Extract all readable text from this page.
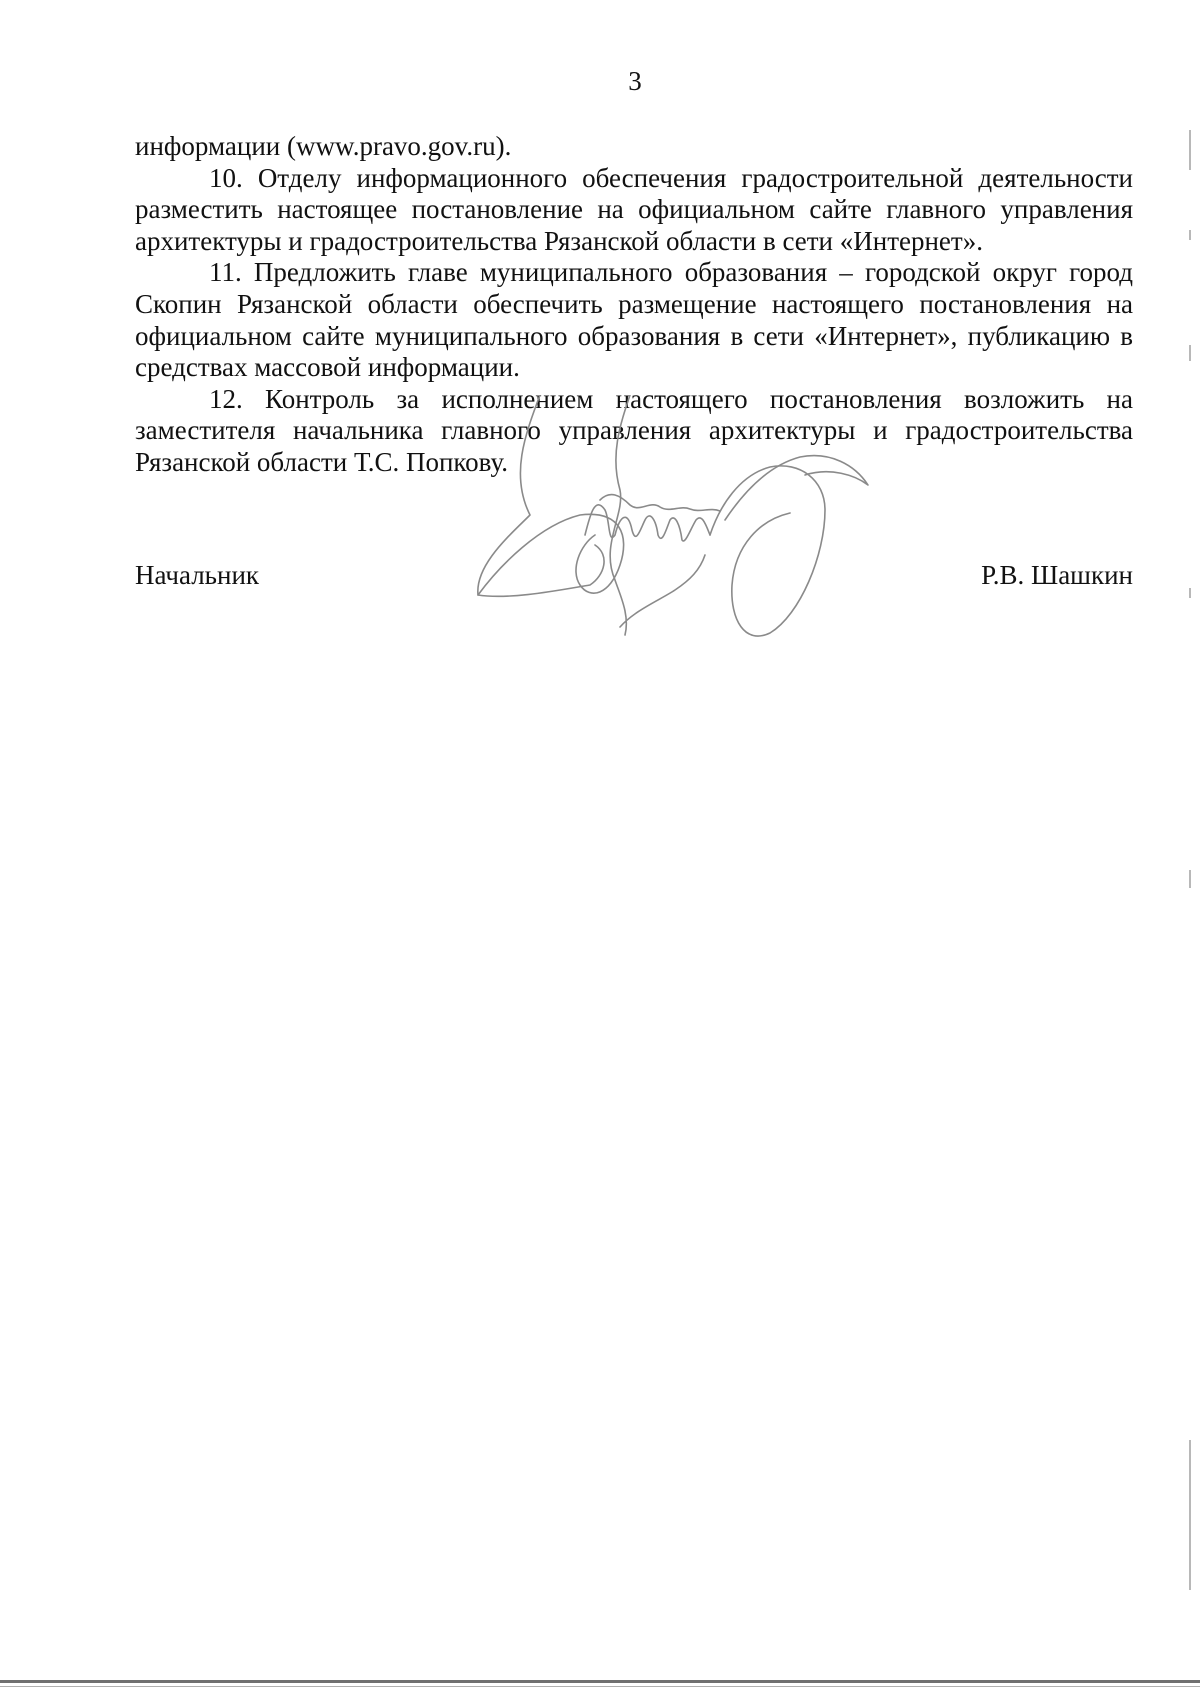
3

информации (www.pravo.gov.ru).

10. Отделу информационного обеспечения градостроительной деятельности разместить настоящее постановление на официальном сайте главного управления архитектуры и градостроительства Рязанской области в сети «Интернет».

11. Предложить главе муниципального образования – городской округ город Скопин Рязанской области обеспечить размещение настоящего постановления на официальном сайте муниципального образования в сети «Интернет», публикацию в средствах массовой информации.

12. Контроль за исполнением настоящего постановления возложить на заместителя начальника главного управления архитектуры и градостроительства Рязанской области Т.С. Попкову.

Начальник	Р.В. Шашкин
